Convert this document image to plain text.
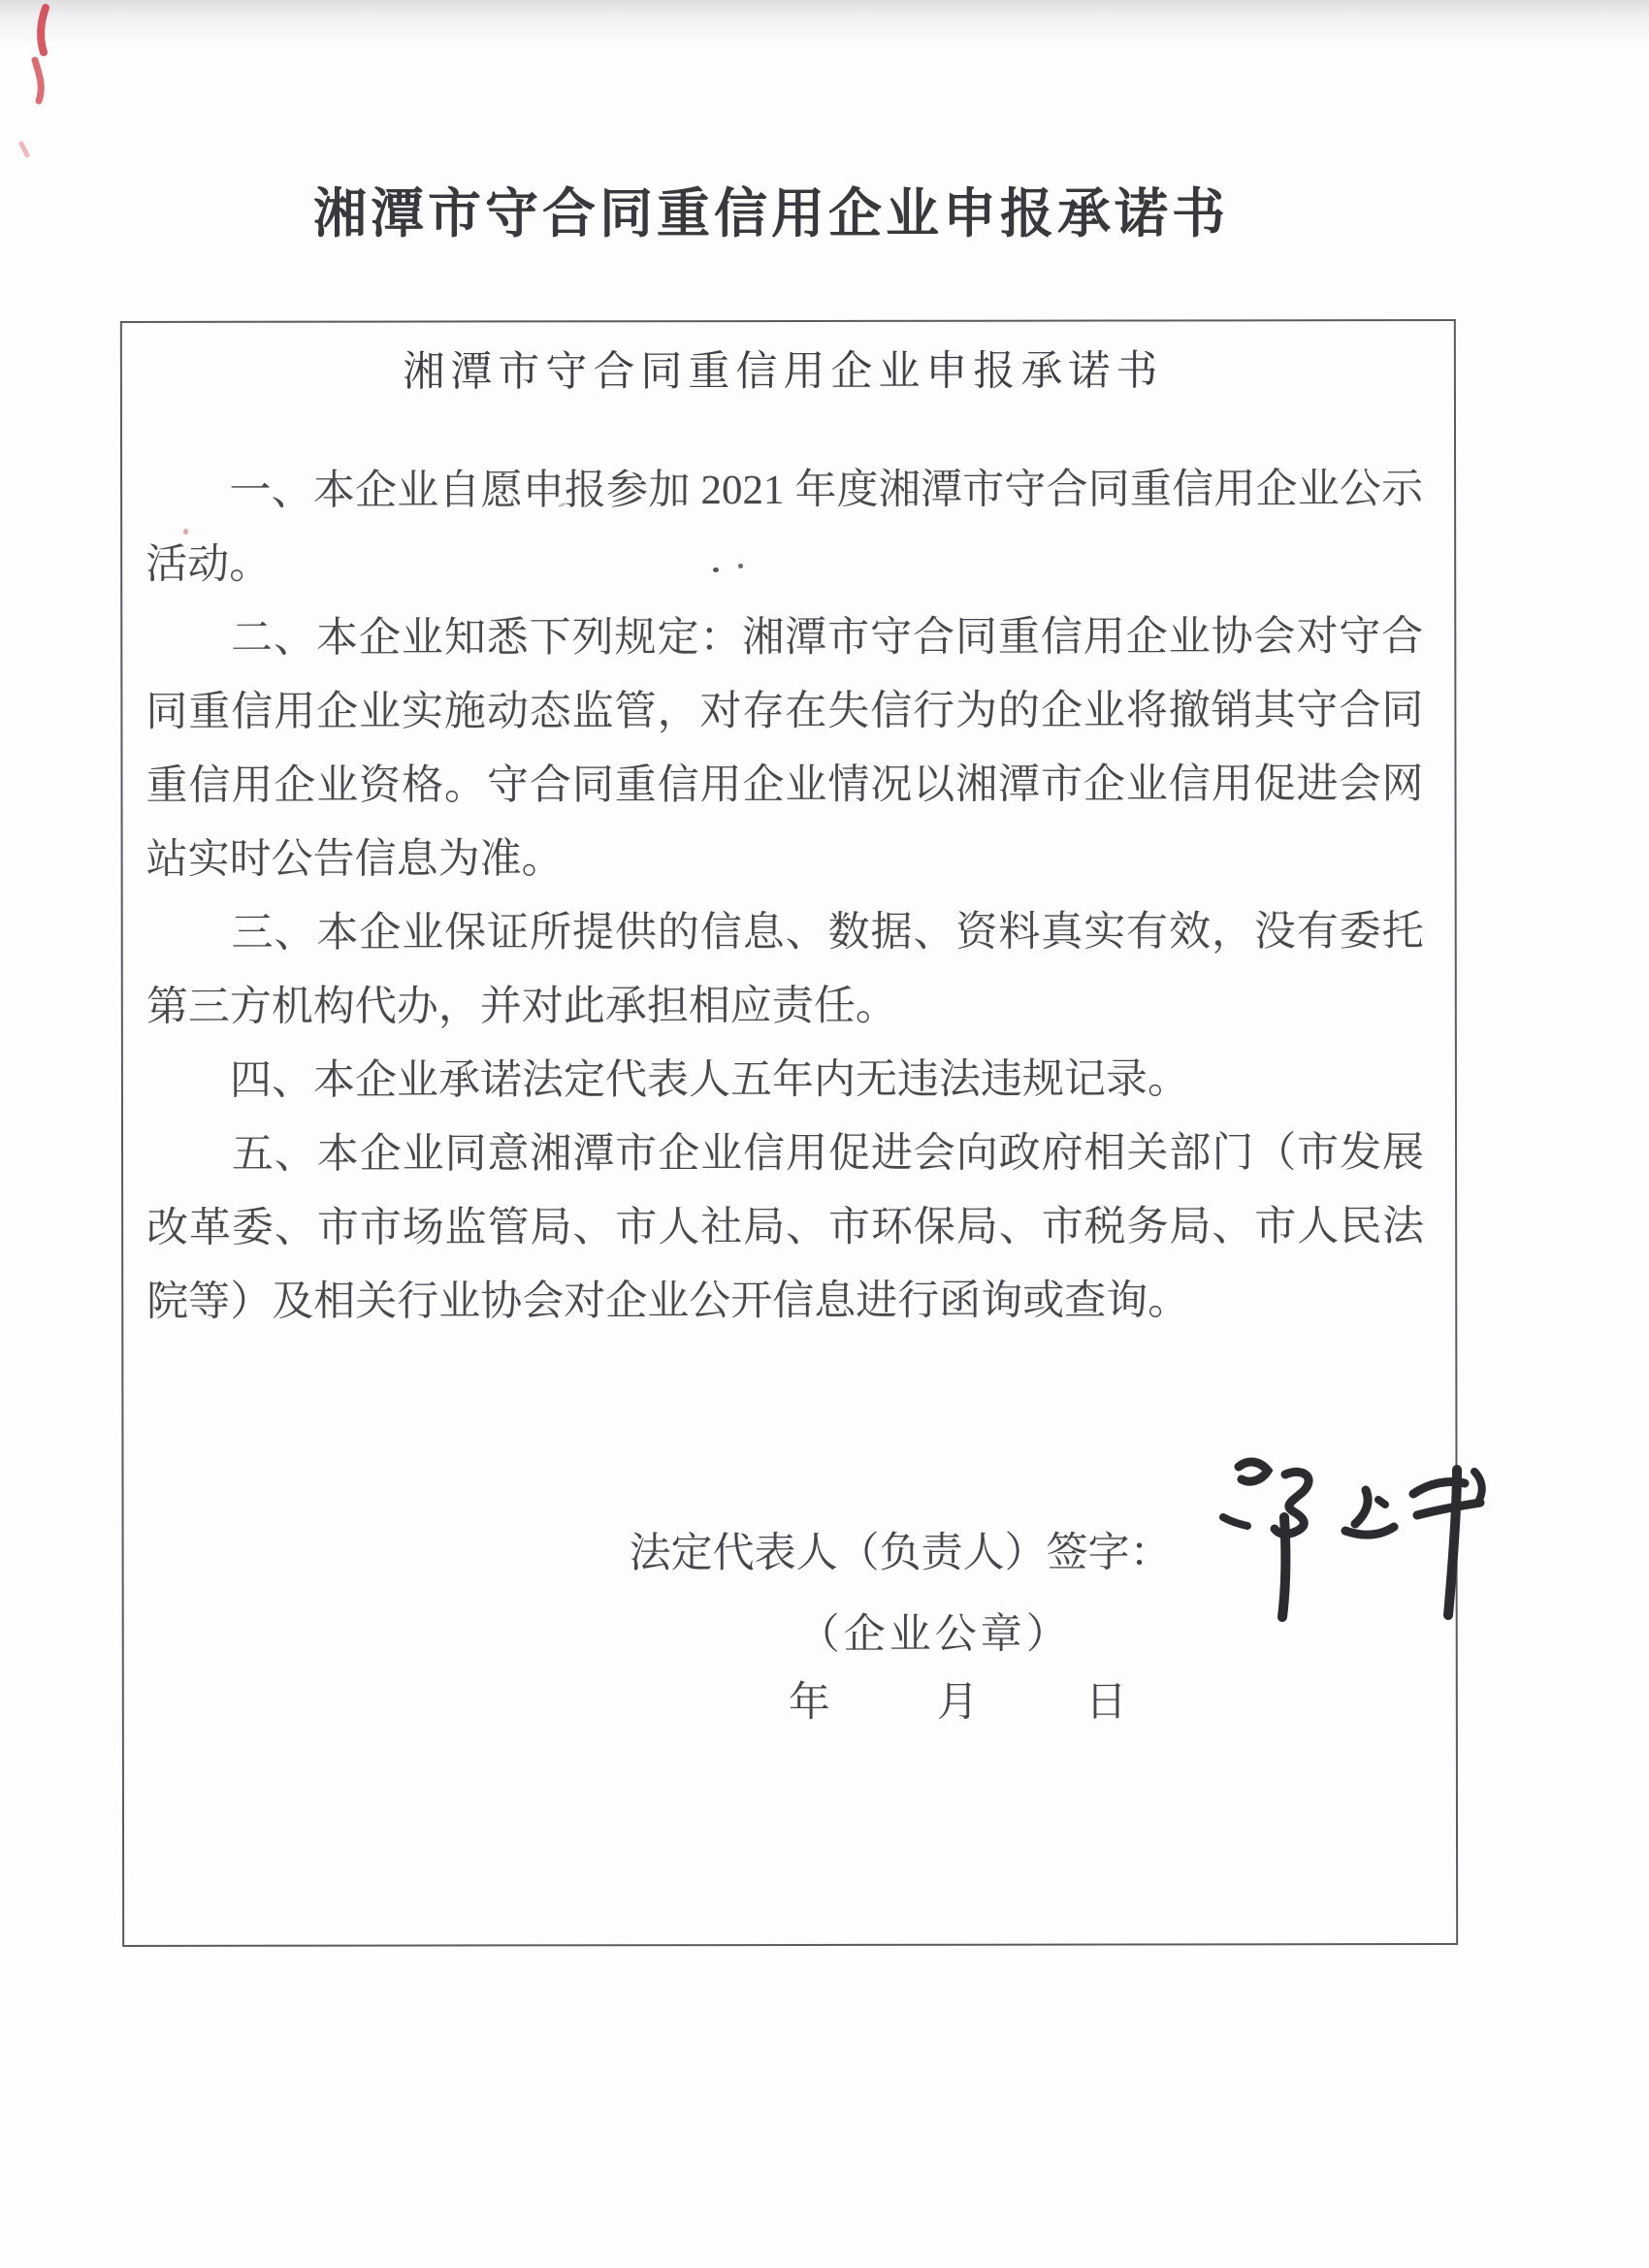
湘潭市守合同重信用企业申报承诺书
湘潭市守合同重信用企业申报承诺书
　　一、本企业自愿申报参加 2021 年度湘潭市守合同重信用企业公示
活动。
　　二、本企业知悉下列规定：湘潭市守合同重信用企业协会对守合
同重信用企业实施动态监管，对存在失信行为的企业将撤销其守合同
重信用企业资格。守合同重信用企业情况以湘潭市企业信用促进会网
站实时公告信息为准。
　　三、本企业保证所提供的信息、数据、资料真实有效，没有委托
第三方机构代办，并对此承担相应责任。
　　四、本企业承诺法定代表人五年内无违法违规记录。
　　五、本企业同意湘潭市企业信用促进会向政府相关部门（市发展
改革委、市市场监管局、市人社局、市环保局、市税务局、市人民法
院等）及相关行业协会对企业公开信息进行函询或查询。
法定代表人（负责人）签字：
（企业公章）
年　　月　　日
